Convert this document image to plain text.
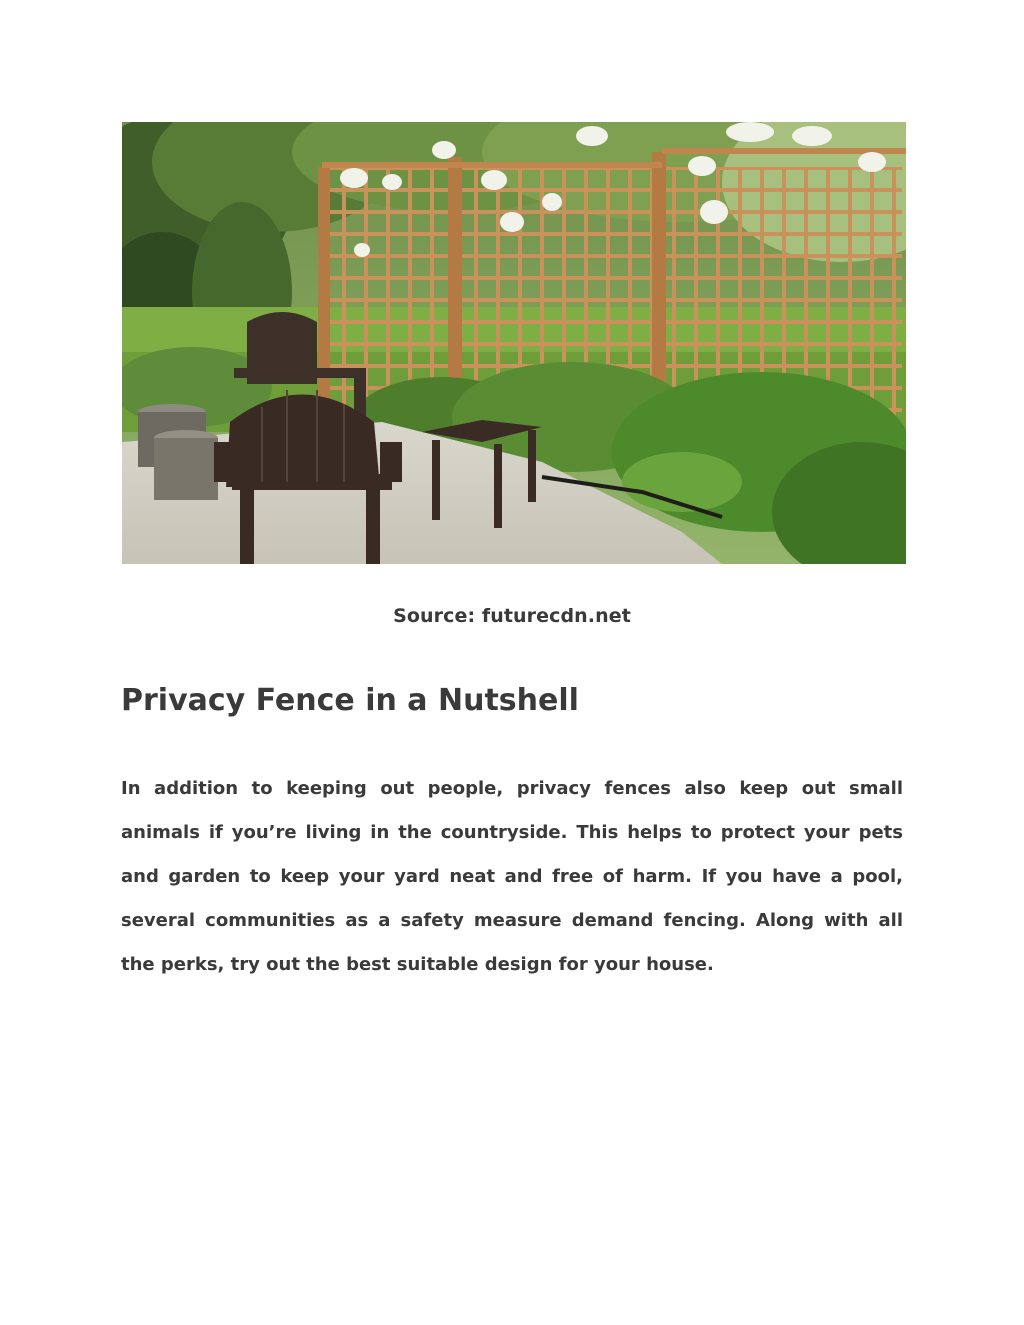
Source: futurecdn.net
Privacy Fence in a Nutshell

In addition to keeping out people, privacy fences also keep out small animals if you’re living in the countryside. This helps to protect your pets and garden to keep your yard neat and free of harm. If you have a pool, several communities as a safety measure demand fencing. Along with all the perks, try out the best suitable design for your house.
